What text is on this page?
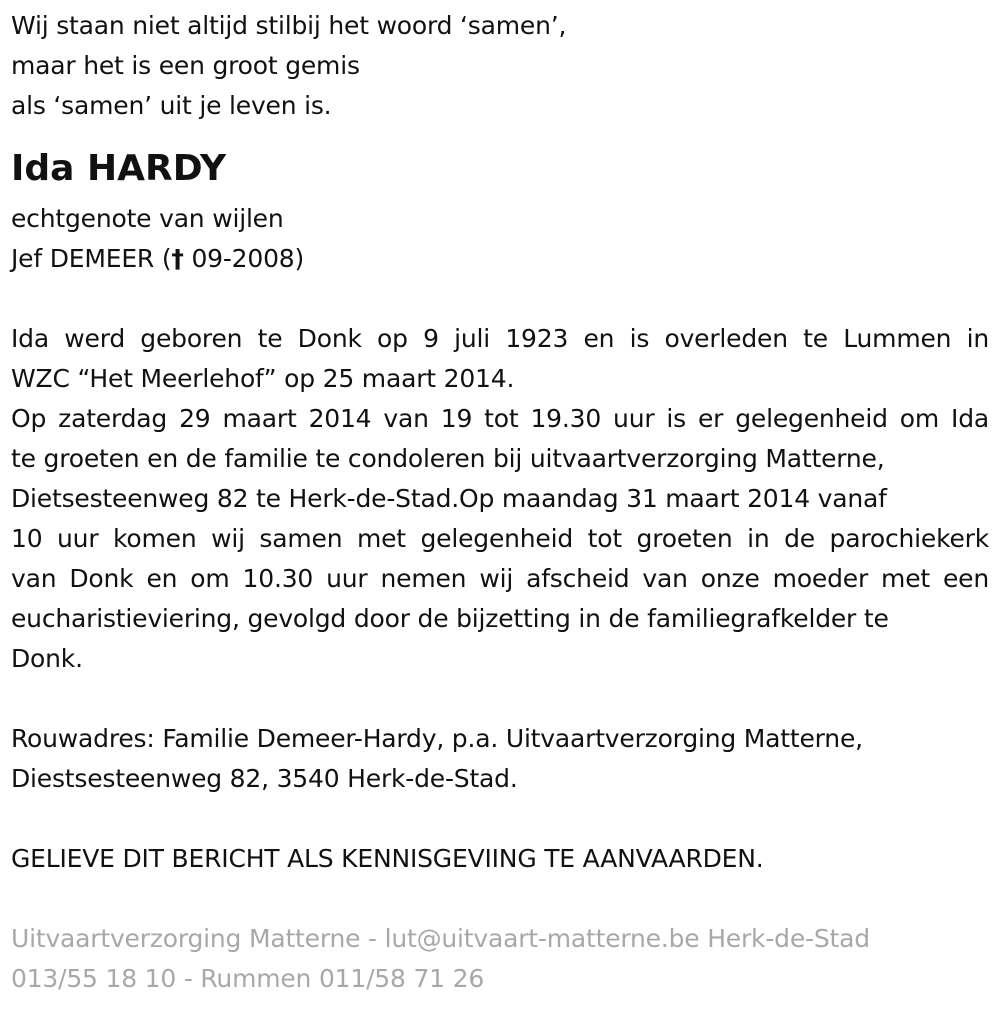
Wij staan niet altijd stilbij het woord ‘samen’,
maar het is een groot gemis
als ‘samen’ uit je leven is.
Ida HARDY
echtgenote van wijlen
Jef DEMEER († 09-2008)
Ida werd geboren te Donk op 9 juli 1923 en is overleden te Lummen in
WZC “Het Meerlehof” op 25 maart 2014.
Op zaterdag 29 maart 2014 van 19 tot 19.30 uur is er gelegenheid om Ida
te groeten en de familie te condoleren bij uitvaartverzorging Matterne,
Dietsesteenweg 82 te Herk-de-Stad.Op maandag 31 maart 2014 vanaf
10 uur komen wij samen met gelegenheid tot groeten in de parochiekerk
van Donk en om 10.30 uur nemen wij afscheid van onze moeder met een
eucharistieviering, gevolgd door de bijzetting in de familiegrafkelder te
Donk.
Rouwadres: Familie Demeer-Hardy, p.a. Uitvaartverzorging Matterne,
Diestsesteenweg 82, 3540 Herk-de-Stad.
GELIEVE DIT BERICHT ALS KENNISGEVIING TE AANVAARDEN.
Uitvaartverzorging Matterne - lut@uitvaart-matterne.be Herk-de-Stad
013/55 18 10 - Rummen 011/58 71 26
